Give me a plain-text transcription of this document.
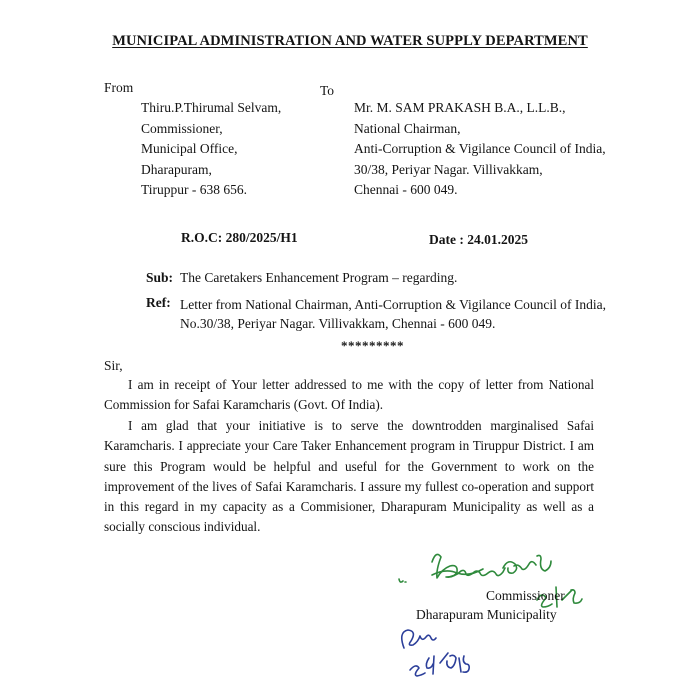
MUNICIPAL ADMINISTRATION AND WATER SUPPLY DEPARTMENT
From
Thiru.P.Thirumal Selvam,
Commissioner,
Municipal Office,
Dharapuram,
Tiruppur - 638 656.
To
Mr. M. SAM PRAKASH B.A., L.L.B.,
National Chairman,
Anti-Corruption & Vigilance Council of India,
30/38, Periyar Nagar. Villivakkam,
Chennai - 600 049.
R.O.C: 280/2025/H1	Date : 24.01.2025
Sub: The Caretakers Enhancement Program – regarding.
Ref: Letter from National Chairman, Anti-Corruption & Vigilance Council of India,
No.30/38, Periyar Nagar. Villivakkam, Chennai - 600 049.
*********
Sir,
I am in receipt of Your letter addressed to me with the copy of letter from National Commission for Safai Karamcharis (Govt. Of India).
I am glad that your initiative is to serve the downtrodden marginalised Safai Karamcharis. I appreciate your Care Taker Enhancement program in Tiruppur District. I am sure this Program would be helpful and useful for the Government to work on the improvement of the lives of Safai Karamcharis. I assure my fullest co-operation and support in this regard in my capacity as a Commisioner, Dharapuram Municipality as well as a socially conscious individual.
Commissioner
Dharapuram Municipality
